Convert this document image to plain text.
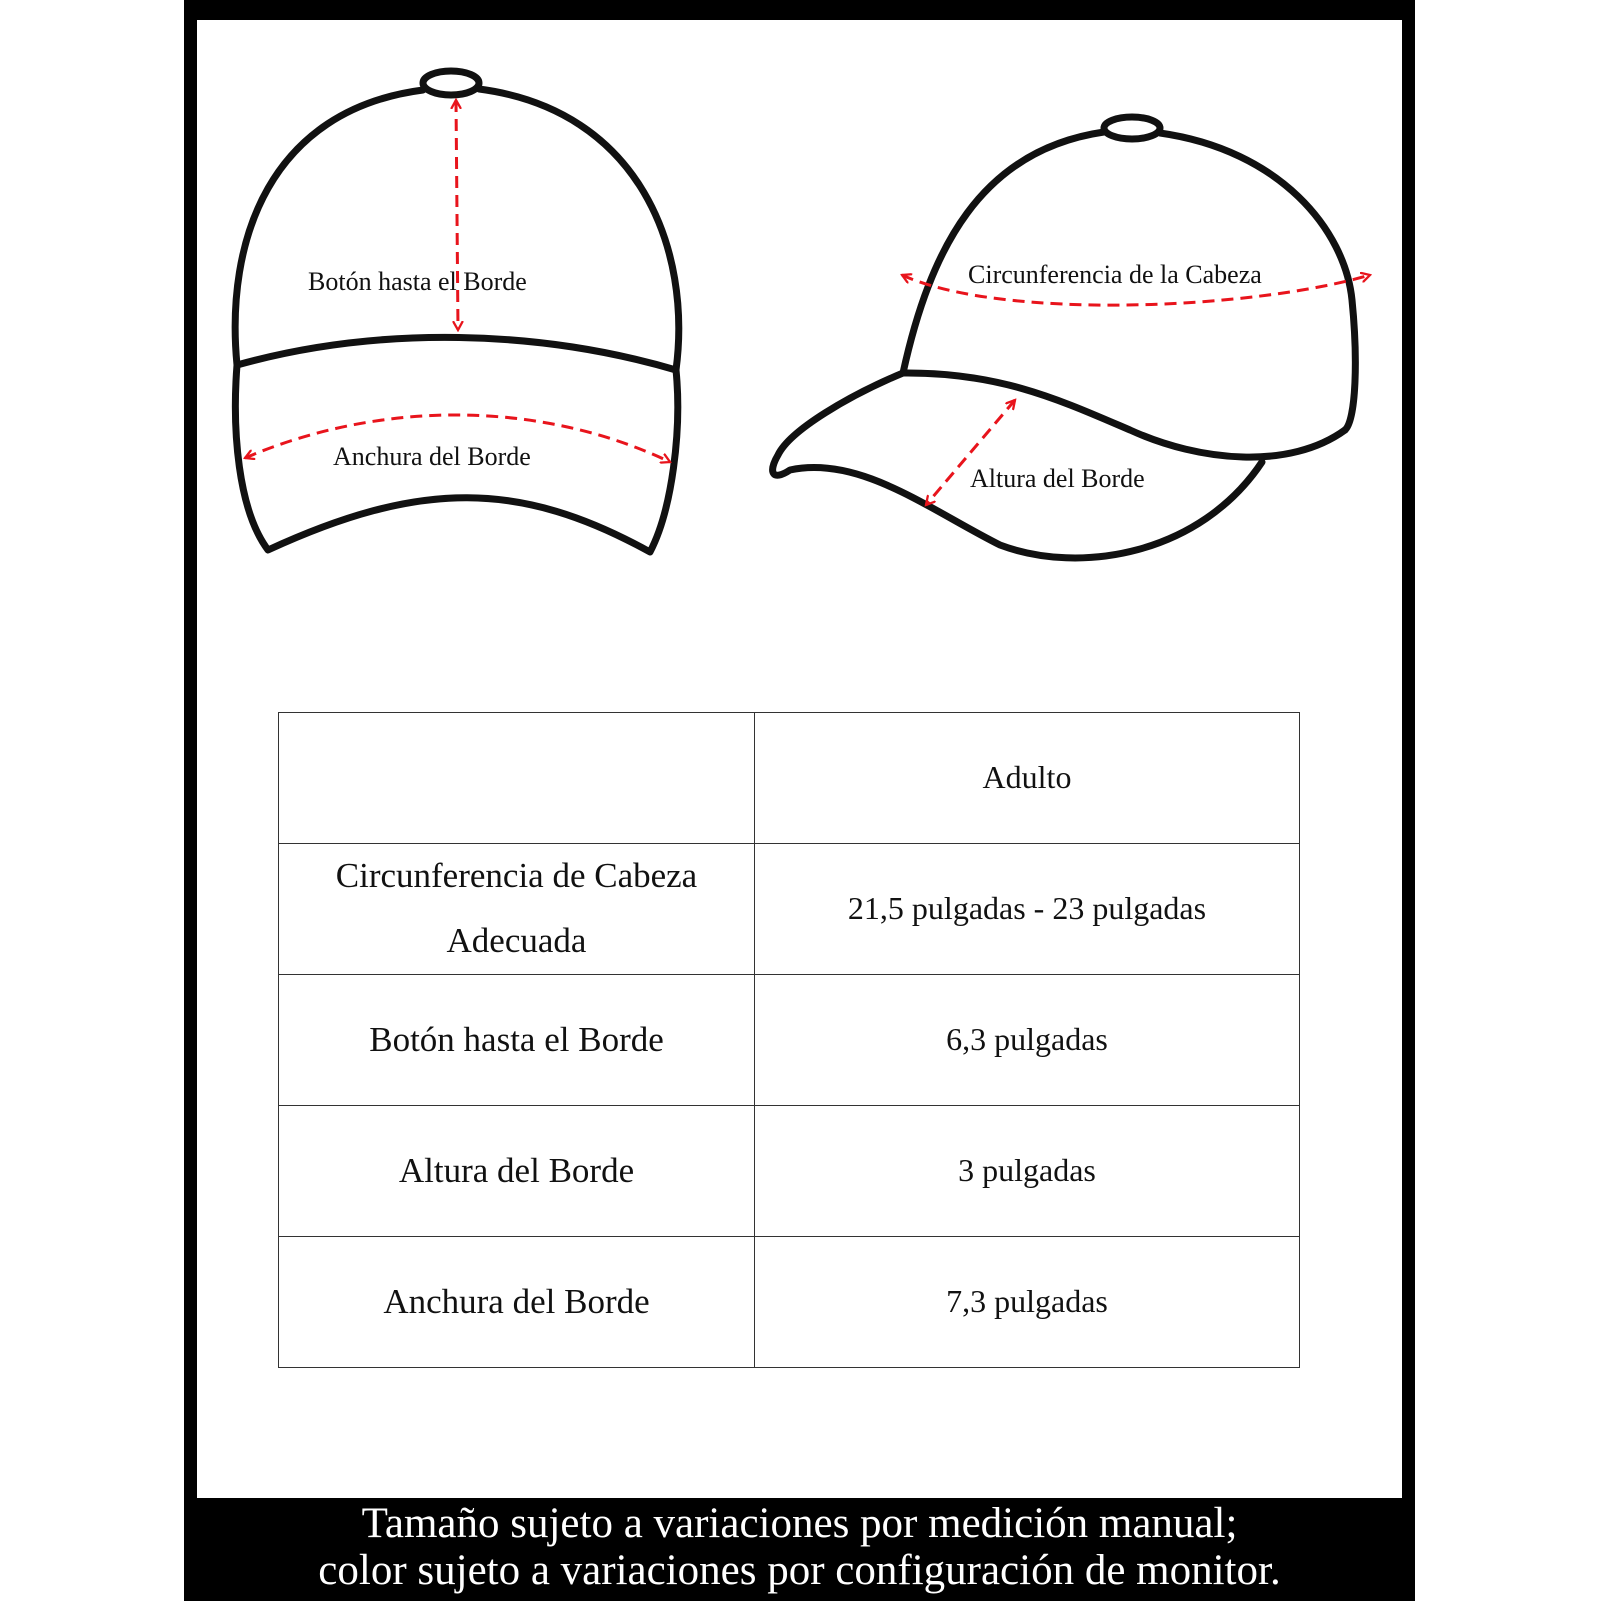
Botón hasta el Borde
Anchura del Borde
Circunferencia de la Cabeza
Altura del Borde
	Adulto
Circunferencia de Cabeza
Adecuada	21,5 pulgadas - 23 pulgadas
Botón hasta el Borde	6,3 pulgadas
Altura del Borde	3 pulgadas
Anchura del Borde	7,3 pulgadas
Tamaño sujeto a variaciones por medición manual;
color sujeto a variaciones por configuración de monitor.
